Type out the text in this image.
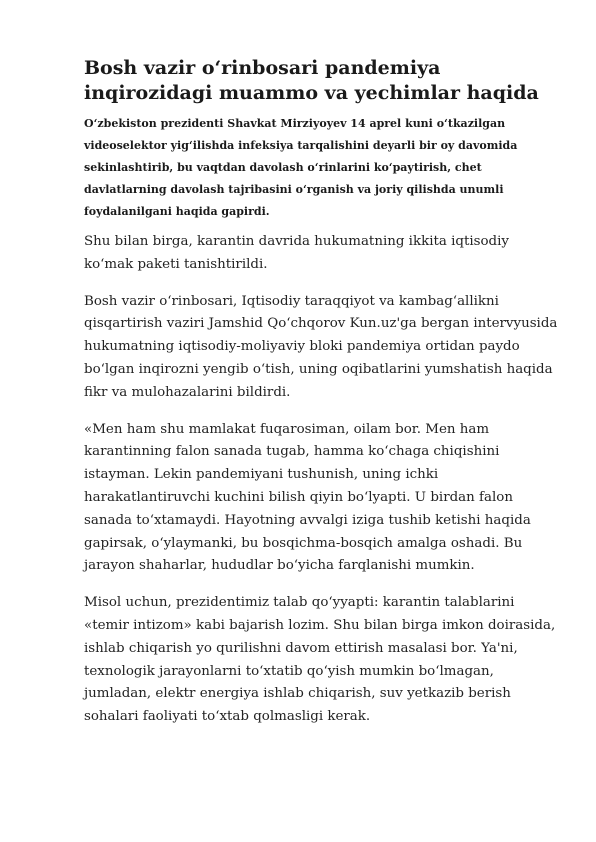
Bosh vazir oʻrinbosari pandemiya inqirozidagi muammo va yechimlar haqida

Oʻzbekiston prezidenti Shavkat Mirziyoyev 14 aprel kuni oʻtkazilgan videoselektor yigʻilishda infeksiya tarqalishini deyarli bir oy davomida sekinlashtirib, bu vaqtdan davolash oʻrinlarini koʻpaytirish, chet davlatlarning davolash tajribasini oʻrganish va joriy qilishda unumli foydalanilgani haqida gapirdi.

Shu bilan birga, karantin davrida hukumatning ikkita iqtisodiy koʻmak paketi tanishtirildi.

Bosh vazir oʻrinbosari, Iqtisodiy taraqqiyot va kambagʻallikni qisqartirish vaziri Jamshid Qoʻchqorov Kun.uz'ga bergan intervyusida hukumatning iqtisodiy-moliyaviy bloki pandemiya ortidan paydo boʻlgan inqirozni yengib oʻtish, uning oqibatlarini yumshatish haqida fikr va mulohazalarini bildirdi.

«Men ham shu mamlakat fuqarosiman, oilam bor. Men ham karantinning falon sanada tugab, hamma koʻchaga chiqishini istayman. Lekin pandemiyani tushunish, uning ichki harakatlantiruvchi kuchini bilish qiyin boʻlyapti. U birdan falon sanada toʻxtamaydi. Hayotning avvalgi iziga tushib ketishi haqida gapirsak, oʻylaymanki, bu bosqichma-bosqich amalga oshadi. Bu jarayon shaharlar, hududlar boʻyicha farqlanishi mumkin.

Misol uchun, prezidentimiz talab qoʻyyapti: karantin talablarini «temir intizom» kabi bajarish lozim. Shu bilan birga imkon doirasida, ishlab chiqarish yo qurilishni davom ettirish masalasi bor. Ya'ni, texnologik jarayonlarni toʻxtatib qoʻyish mumkin boʻlmagan, jumladan, elektr energiya ishlab chiqarish, suv yetkazib berish sohalari faoliyati toʻxtab qolmasligi kerak.
